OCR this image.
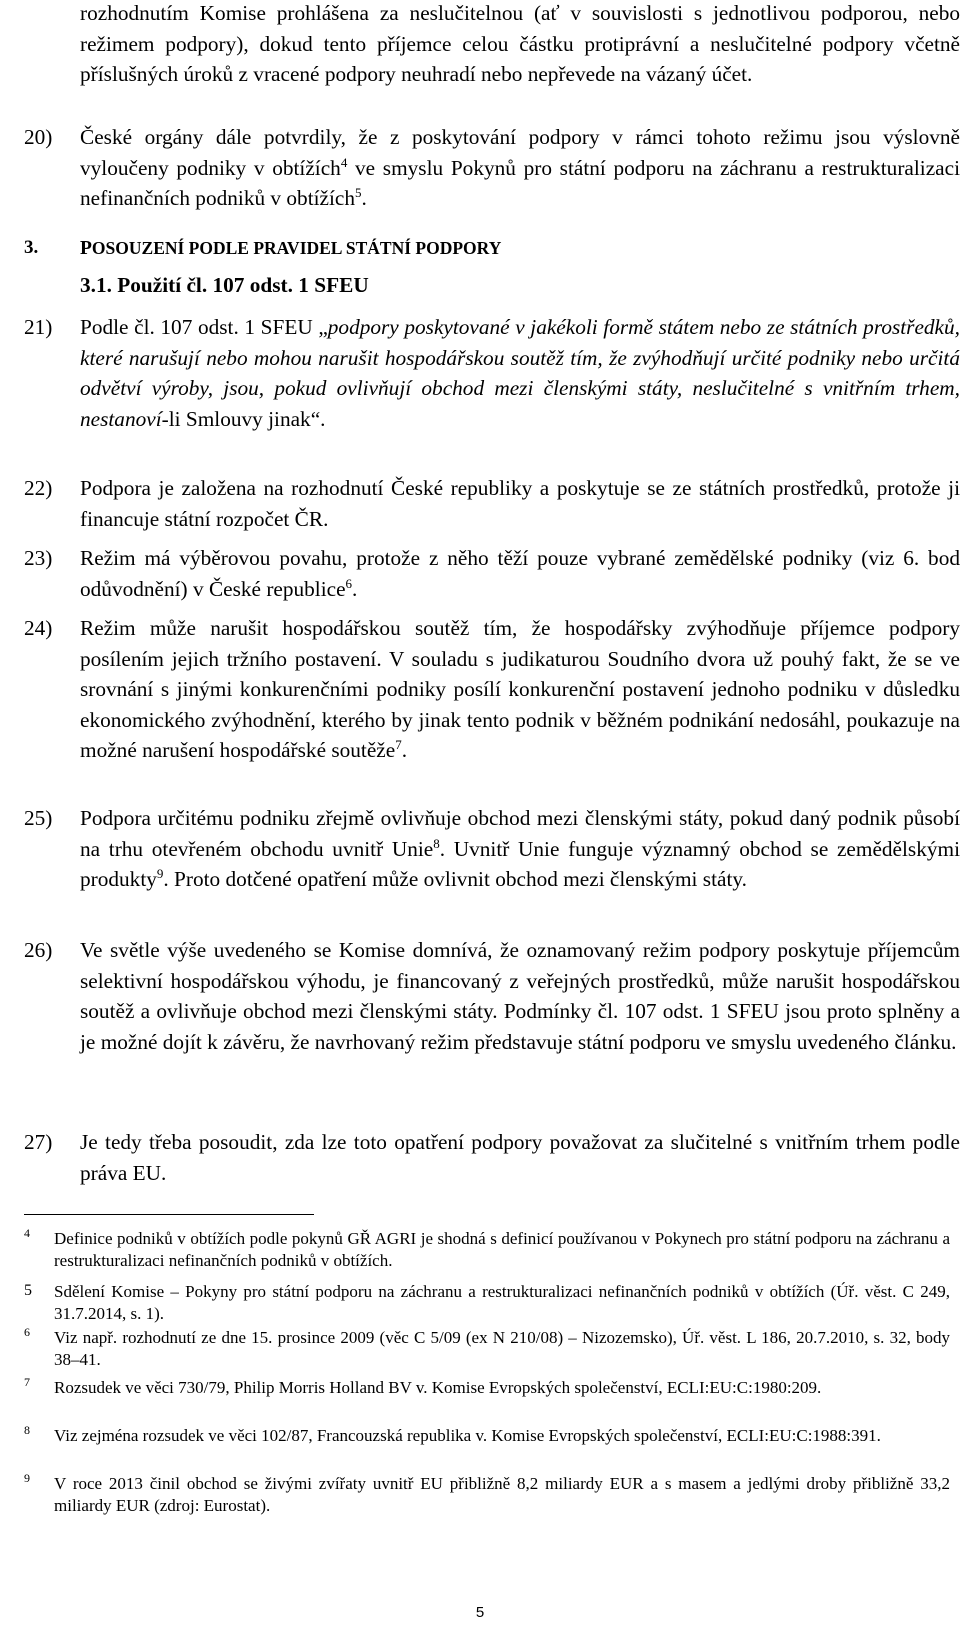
rozhodnutím Komise prohlášena za neslučitelnou (ať v souvislosti s jednotlivou podporou, nebo režimem podpory), dokud tento příjemce celou částku protiprávní a neslučitelné podpory včetně příslušných úroků z vracené podpory neuhradí nebo nepřevede na vázaný účet.
20)	České orgány dále potvrdily, že z poskytování podpory v rámci tohoto režimu jsou výslovně vyloučeny podniky v obtížích$^4$ ve smyslu Pokynů pro státní podporu na záchranu a restrukturalizaci nefinančních podniků v obtížích$^5$.
3.	POSOUZENÍ PODLE PRAVIDEL STÁTNÍ PODPORY
3.1. Použití čl. 107 odst. 1 SFEU
21)	Podle čl. 107 odst. 1 SFEU „podpory poskytované v jakékoli formě státem nebo ze státních prostředků, které narušují nebo mohou narušit hospodářskou soutěž tím, že zvýhodňují určité podniky nebo určitá odvětví výroby, jsou, pokud ovlivňují obchod mezi členskými státy, neslučitelné s vnitřním trhem, nestanoví-li Smlouvy jinak“.
22)	Podpora je založena na rozhodnutí České republiky a poskytuje se ze státních prostředků, protože ji financuje státní rozpočet ČR.
23)	Režim má výběrovou povahu, protože z něho těží pouze vybrané zemědělské podniky (viz 6. bod odůvodnění) v České republice$^6$.
24)	Režim může narušit hospodářskou soutěž tím, že hospodářsky zvýhodňuje příjemce podpory posílením jejich tržního postavení. V souladu s judikaturou Soudního dvora už pouhý fakt, že se ve srovnání s jinými konkurenčními podniky posílí konkurenční postavení jednoho podniku v důsledku ekonomického zvýhodnění, kterého by jinak tento podnik v běžném podnikání nedosáhl, poukazuje na možné narušení hospodářské soutěže$^7$.
25)	Podpora určitému podniku zřejmě ovlivňuje obchod mezi členskými státy, pokud daný podnik působí na trhu otevřeném obchodu uvnitř Unie$^8$. Uvnitř Unie funguje významný obchod se zemědělskými produkty$^9$. Proto dotčené opatření může ovlivnit obchod mezi členskými státy.
26)	Ve světle výše uvedeného se Komise domnívá, že oznamovaný režim podpory poskytuje příjemcům selektivní hospodářskou výhodu, je financovaný z veřejných prostředků, může narušit hospodářskou soutěž a ovlivňuje obchod mezi členskými státy. Podmínky čl. 107 odst. 1 SFEU jsou proto splněny a je možné dojít k závěru, že navrhovaný režim představuje státní podporu ve smyslu uvedeného článku.
27)	Je tedy třeba posoudit, zda lze toto opatření podpory považovat za slučitelné s vnitřním trhem podle práva EU.
4 Definice podniků v obtížích podle pokynů GŘ AGRI je shodná s definicí používanou v Pokynech pro státní podporu na záchranu a restrukturalizaci nefinančních podniků v obtížích.
5 Sdělení Komise – Pokyny pro státní podporu na záchranu a restrukturalizaci nefinančních podniků v obtížích (Úř. věst. C 249, 31.7.2014, s. 1).
6 Viz např. rozhodnutí ze dne 15. prosince 2009 (věc C 5/09 (ex N 210/08) – Nizozemsko), Úř. věst. L 186, 20.7.2010, s. 32, body 38–41.
7 Rozsudek ve věci 730/79, Philip Morris Holland BV v. Komise Evropských společenství, ECLI:EU:C:1980:209.
8 Viz zejména rozsudek ve věci 102/87, Francouzská republika v. Komise Evropských společenství, ECLI:EU:C:1988:391.
9 V roce 2013 činil obchod se živými zvířaty uvnitř EU přibližně 8,2 miliardy EUR a s masem a jedlými droby přibližně 33,2 miliardy EUR (zdroj: Eurostat).
5
